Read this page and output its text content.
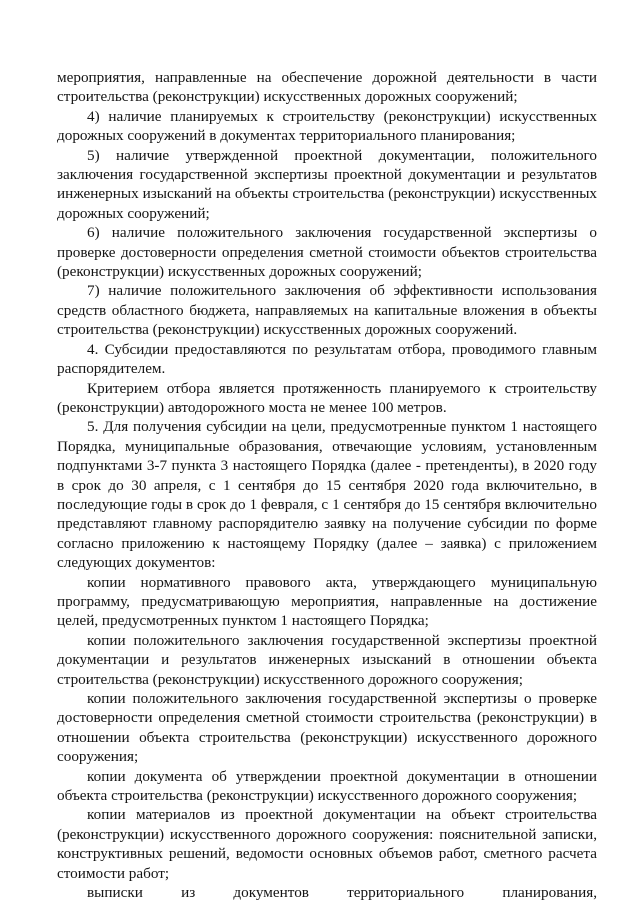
мероприятия, направленные на обеспечение дорожной деятельности в части строительства (реконструкции) искусственных дорожных сооружений;

4) наличие планируемых к строительству (реконструкции) искусственных дорожных сооружений в документах территориального планирования;

5) наличие утвержденной проектной документации, положительного заключения государственной экспертизы проектной документации и результатов инженерных изысканий на объекты строительства (реконструкции) искусственных дорожных сооружений;

6) наличие положительного заключения государственной экспертизы о проверке достоверности определения сметной стоимости объектов строительства (реконструкции) искусственных дорожных сооружений;

7) наличие положительного заключения об эффективности использования средств областного бюджета, направляемых на капитальные вложения в объекты строительства (реконструкции) искусственных дорожных сооружений.

4. Субсидии предоставляются по результатам отбора, проводимого главным распорядителем.

Критерием отбора является протяженность планируемого к строительству (реконструкции) автодорожного моста не менее 100 метров.

5. Для получения субсидии на цели, предусмотренные пунктом 1 настоящего Порядка, муниципальные образования, отвечающие условиям, установленным подпунктами 3-7 пункта 3 настоящего Порядка (далее - претенденты), в 2020 году в срок до 30 апреля, с 1 сентября до 15 сентября 2020 года включительно, в последующие годы в срок до 1 февраля, с 1 сентября до 15 сентября включительно представляют главному распорядителю заявку на получение субсидии по форме согласно приложению к настоящему Порядку (далее – заявка) с приложением следующих документов:

копии нормативного правового акта, утверждающего муниципальную программу, предусматривающую мероприятия, направленные на достижение целей, предусмотренных пунктом 1 настоящего Порядка;

копии положительного заключения государственной экспертизы проектной документации и результатов инженерных изысканий в отношении объекта строительства (реконструкции) искусственного дорожного сооружения;

копии положительного заключения государственной экспертизы о проверке достоверности определения сметной стоимости строительства (реконструкции) в отношении объекта строительства (реконструкции) искусственного дорожного сооружения;

копии документа об утверждении проектной документации в отношении объекта строительства (реконструкции) искусственного дорожного сооружения;

копии материалов из проектной документации на объект строительства (реконструкции) искусственного дорожного сооружения: пояснительной записки, конструктивных решений, ведомости основных объемов работ, сметного расчета стоимости работ;

выписки из документов территориального планирования,
